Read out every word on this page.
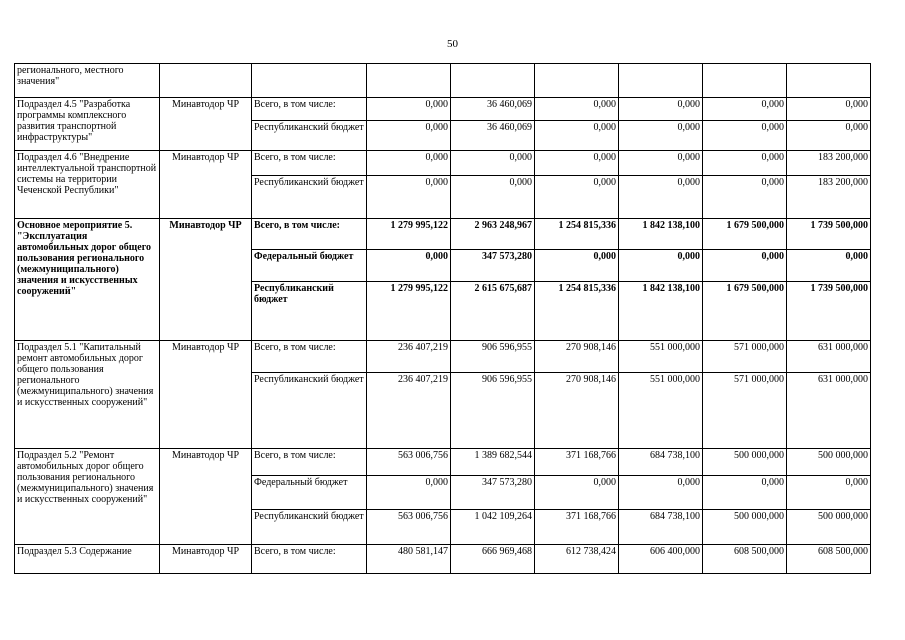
50
регионального, местного значения"								
Подраздел 4.5 "Разработка программы комплексного развития транспортной инфраструктуры"	Минавтодор ЧР	Всего, в том числе:	0,000	36 460,069	0,000	0,000	0,000	0,000
		Республиканский бюджет	0,000	36 460,069	0,000	0,000	0,000	0,000
Подраздел 4.6 "Внедрение интеллектуальной транспортной системы на территории Чеченской Республики"	Минавтодор ЧР	Всего, в том числе:	0,000	0,000	0,000	0,000	0,000	183 200,000
		Республиканский бюджет	0,000	0,000	0,000	0,000	0,000	183 200,000
Основное мероприятие 5. "Эксплуатация автомобильных дорог общего пользования регионального (межмуниципального) значения и искусственных сооружений"	Минавтодор ЧР	Всего, в том числе:	1 279 995,122	2 963 248,967	1 254 815,336	1 842 138,100	1 679 500,000	1 739 500,000
		Федеральный бюджет	0,000	347 573,280	0,000	0,000	0,000	0,000
		Республиканский бюджет	1 279 995,122	2 615 675,687	1 254 815,336	1 842 138,100	1 679 500,000	1 739 500,000
Подраздел 5.1 "Капитальный ремонт автомобильных дорог общего пользования регионального (межмуниципального) значения и искусственных сооружений"	Минавтодор ЧР	Всего, в том числе:	236 407,219	906 596,955	270 908,146	551 000,000	571 000,000	631 000,000
		Республиканский бюджет	236 407,219	906 596,955	270 908,146	551 000,000	571 000,000	631 000,000
Подраздел 5.2 "Ремонт автомобильных дорог общего пользования регионального (межмуниципального) значения и искусственных сооружений"	Минавтодор ЧР	Всего, в том числе:	563 006,756	1 389 682,544	371 168,766	684 738,100	500 000,000	500 000,000
		Федеральный бюджет	0,000	347 573,280	0,000	0,000	0,000	0,000
		Республиканский бюджет	563 006,756	1 042 109,264	371 168,766	684 738,100	500 000,000	500 000,000
Подраздел 5.3 Содержание	Минавтодор ЧР	Всего, в том числе:	480 581,147	666 969,468	612 738,424	606 400,000	608 500,000	608 500,000
